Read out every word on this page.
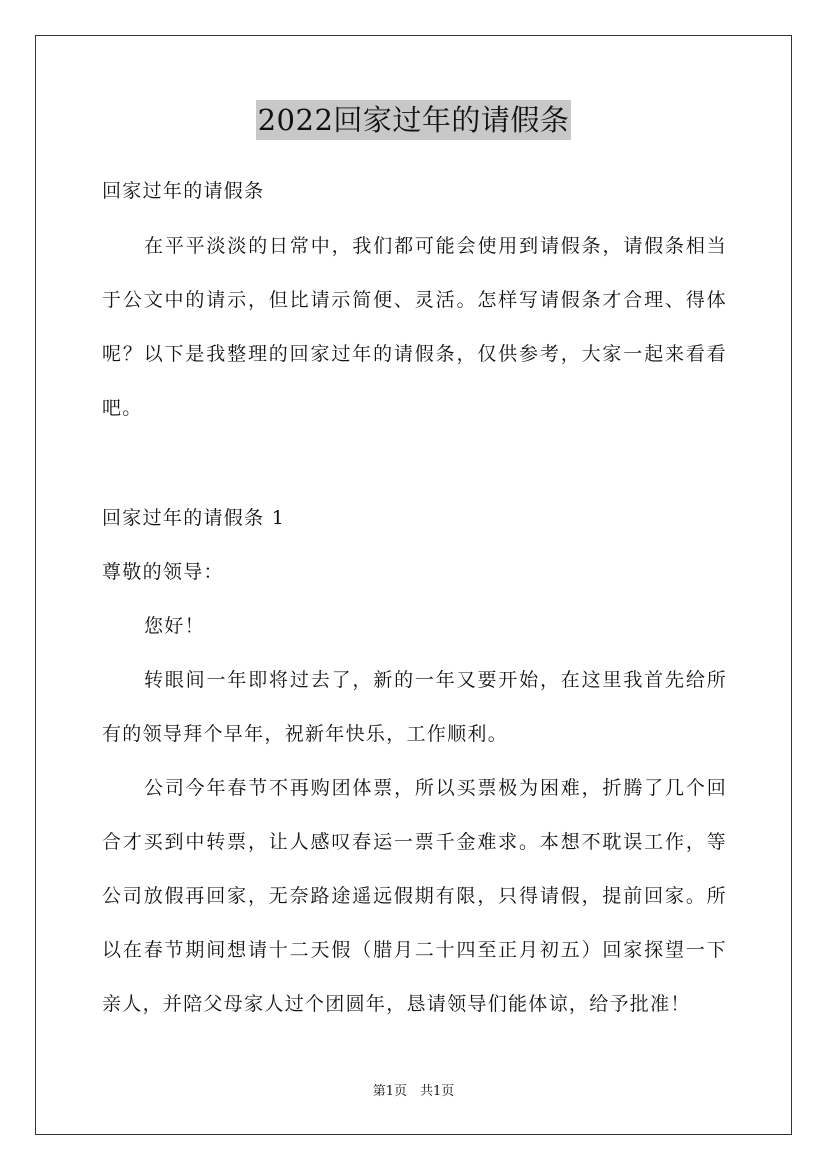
2022回家过年的请假条
回家过年的请假条
在平平淡淡的日常中，我们都可能会使用到请假条，请假条相当
于公文中的请示，但比请示简便、灵活。怎样写请假条才合理、得体
呢？以下是我整理的回家过年的请假条，仅供参考，大家一起来看看
吧。
回家过年的请假条 1
尊敬的领导：
您好！
转眼间一年即将过去了，新的一年又要开始，在这里我首先给所
有的领导拜个早年，祝新年快乐，工作顺利。
公司今年春节不再购团体票，所以买票极为困难，折腾了几个回
合才买到中转票，让人感叹春运一票千金难求。本想不耽误工作，等
公司放假再回家，无奈路途遥远假期有限，只得请假，提前回家。所
以在春节期间想请十二天假（腊月二十四至正月初五）回家探望一下
亲人，并陪父母家人过个团圆年，恳请领导们能体谅，给予批准！
第1页　共1页
